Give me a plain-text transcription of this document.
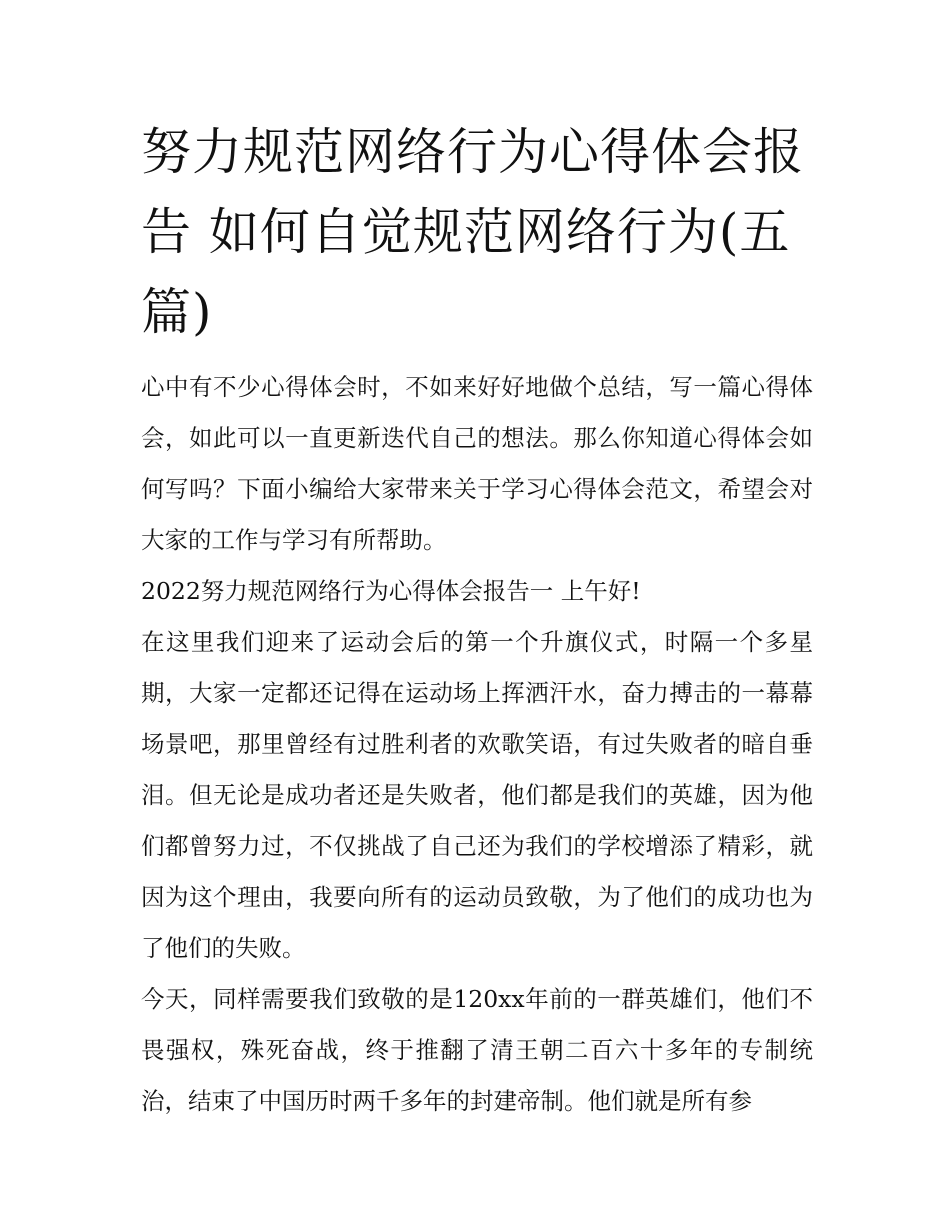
努力规范网络行为心得体会报告 如何自觉规范网络行为(五篇)

心中有不少心得体会时，不如来好好地做个总结，写一篇心得体会，如此可以一直更新迭代自己的想法。那么你知道心得体会如何写吗？下面小编给大家带来关于学习心得体会范文，希望会对大家的工作与学习有所帮助。

2022努力规范网络行为心得体会报告一 上午好!

在这里我们迎来了运动会后的第一个升旗仪式，时隔一个多星期，大家一定都还记得在运动场上挥洒汗水，奋力搏击的一幕幕场景吧，那里曾经有过胜利者的欢歌笑语，有过失败者的暗自垂泪。但无论是成功者还是失败者，他们都是我们的英雄，因为他们都曾努力过，不仅挑战了自己还为我们的学校增添了精彩，就因为这个理由，我要向所有的运动员致敬，为了他们的成功也为了他们的失败。

今天，同样需要我们致敬的是120xx年前的一群英雄们，他们不畏强权，殊死奋战，终于推翻了清王朝二百六十多年的专制统治，结束了中国历时两千多年的封建帝制。他们就是所有参
